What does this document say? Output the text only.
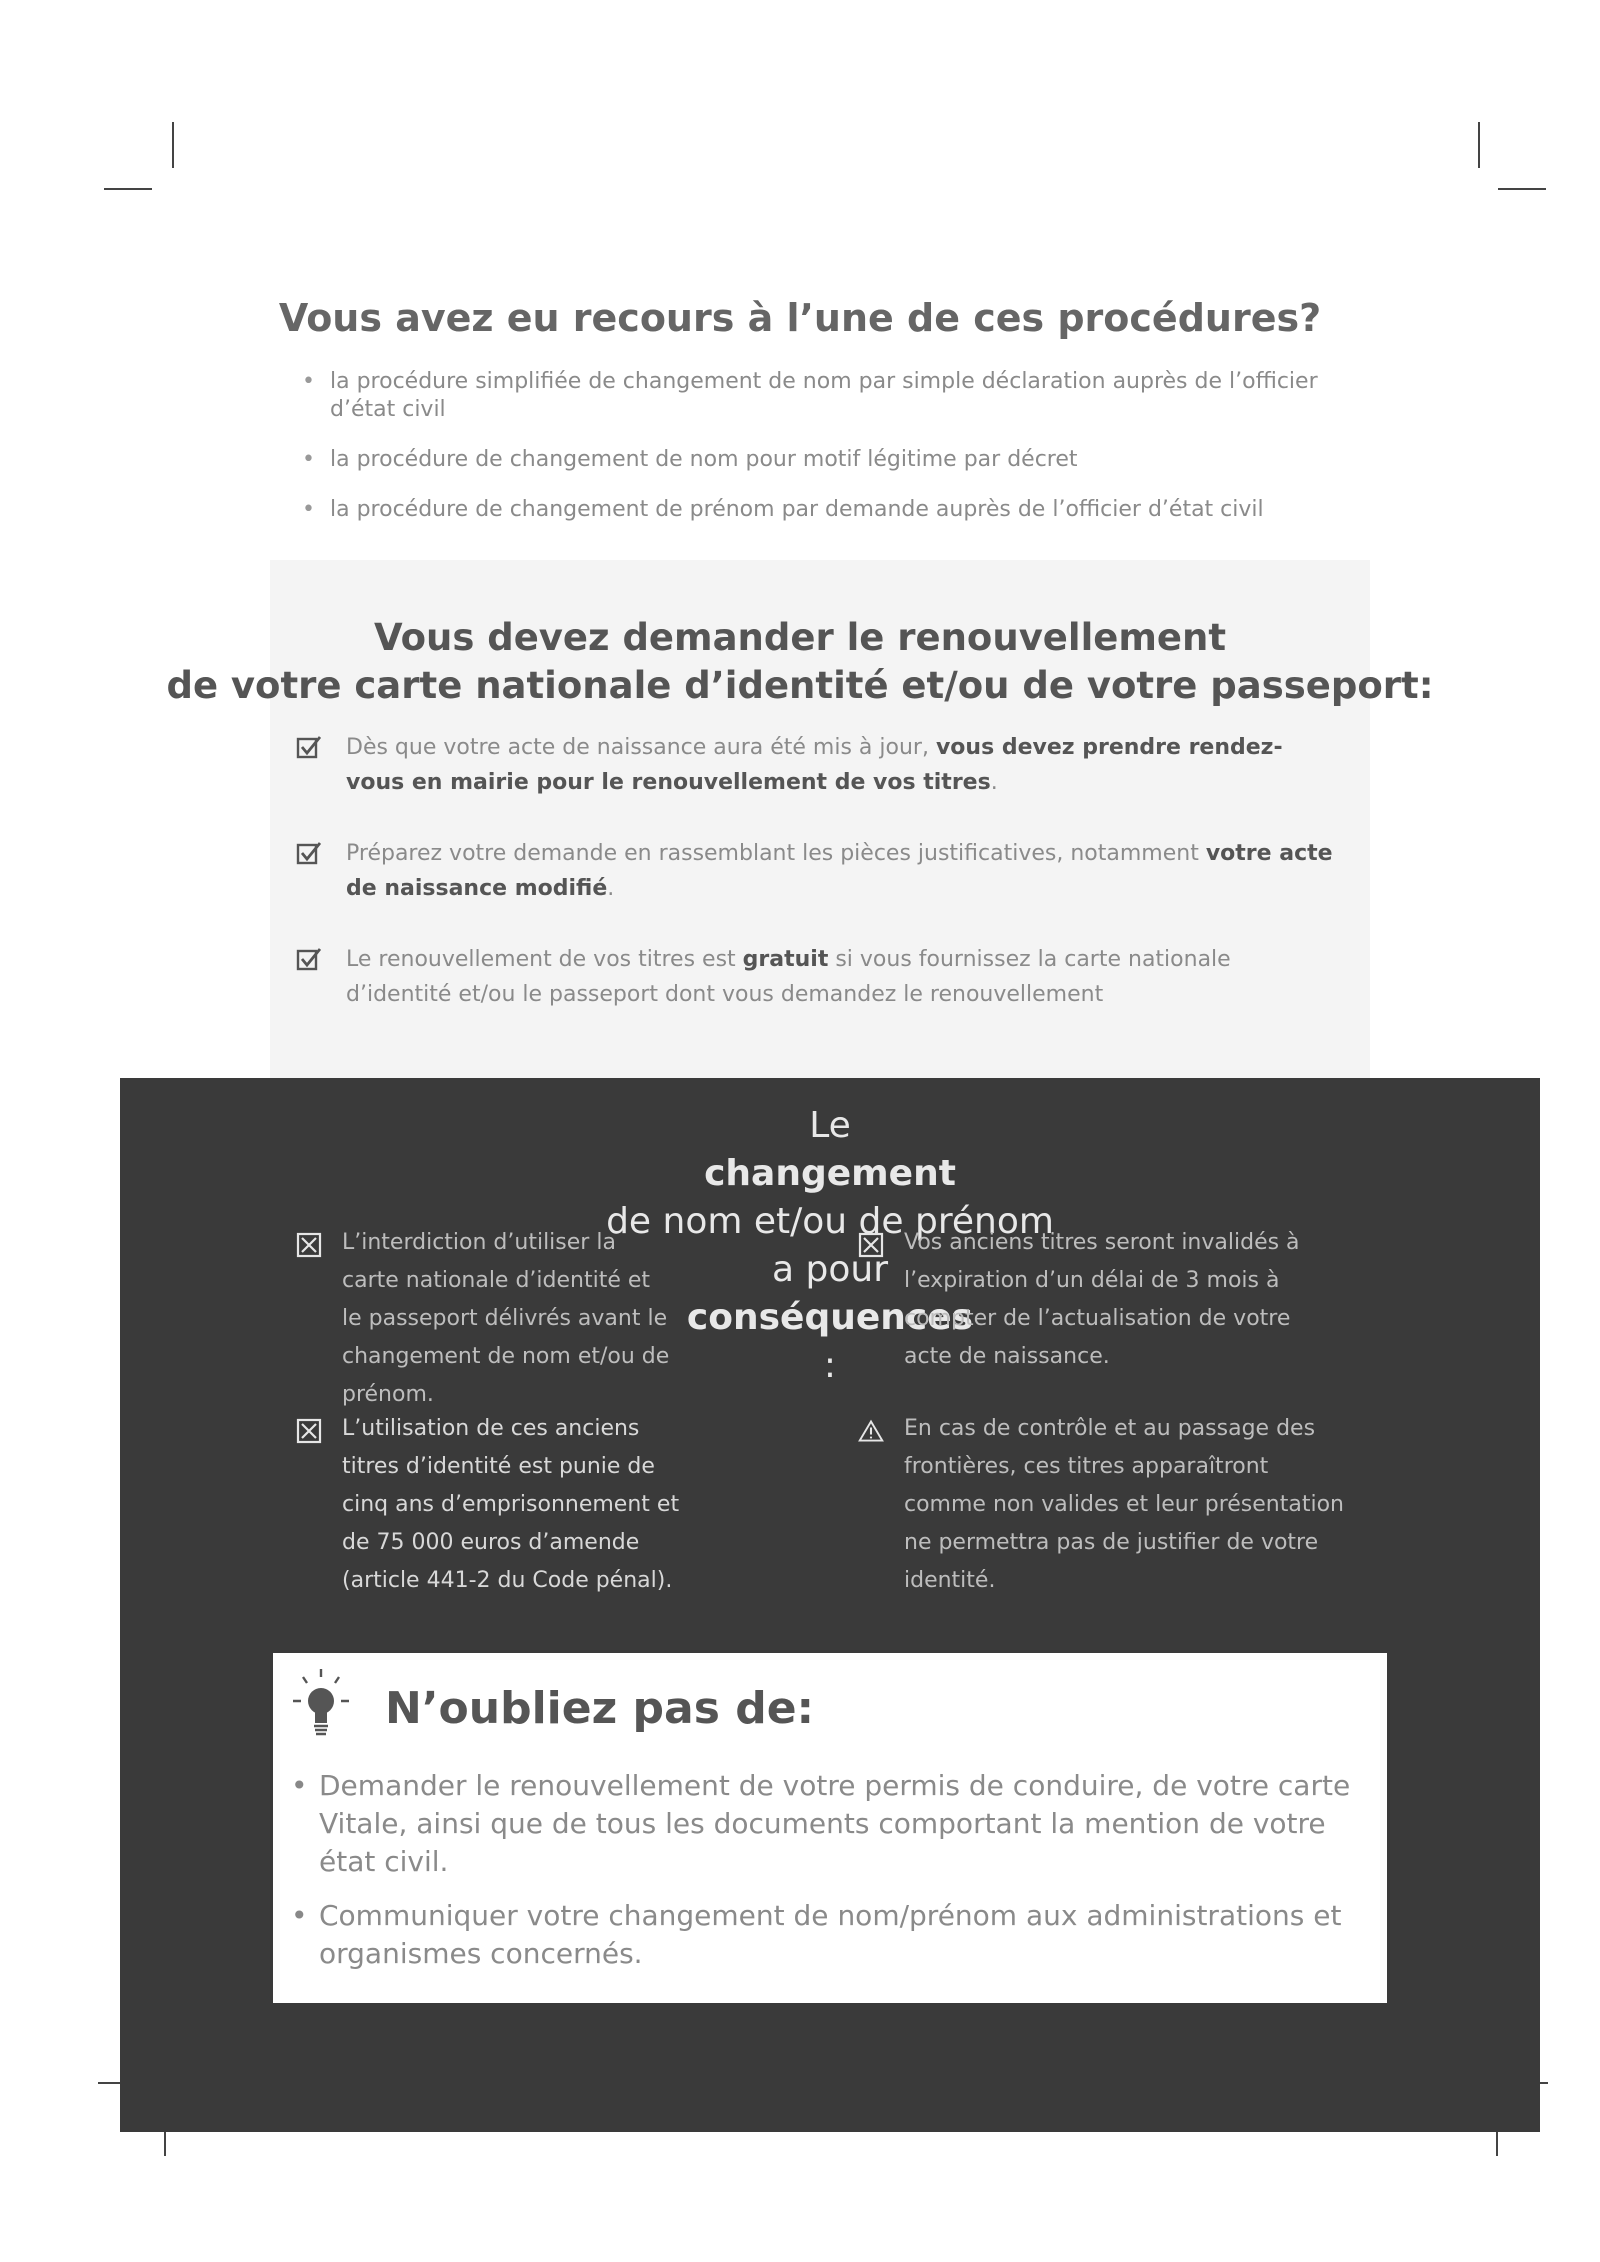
Vous avez eu recours à l’une de ces procédures?
• la procédure simplifiée de changement de nom par simple déclaration auprès de l’officier d’état civil
• la procédure de changement de nom pour motif légitime par décret
• la procédure de changement de prénom par demande auprès de l’officier d’état civil
Vous devez demander le renouvellement
de votre carte nationale d’identité et/ou de votre passeport:
Dès que votre acte de naissance aura été mis à jour, vous devez prendre rendez-vous en mairie pour le renouvellement de vos titres.
Préparez votre demande en rassemblant les pièces justificatives, notamment votre acte de naissance modifié.
Le renouvellement de vos titres est gratuit si vous fournissez la carte nationale d’identité et/ou le passeport dont vous demandez le renouvellement
Le
changement
de nom et/ou de prénom
a pour
conséquences
:
L’interdiction d’utiliser la carte nationale d’identité et le passeport délivrés avant le changement de nom et/ou de prénom.
L’utilisation de ces anciens titres d’identité est punie de cinq ans d’emprisonnement et de 75 000 euros d’amende (article 441-2 du Code pénal).
Vos anciens titres seront invalidés à l’expiration d’un délai de 3 mois à compter de l’actualisation de votre acte de naissance.
En cas de contrôle et au passage des frontières, ces titres apparaîtront comme non valides et leur présentation ne permettra pas de justifier de votre identité.
N’oubliez pas de:
• Demander le renouvellement de votre permis de conduire, de votre carte Vitale, ainsi que de tous les documents comportant la mention de votre état civil.
• Communiquer votre changement de nom/prénom aux administrations et organismes concernés.
